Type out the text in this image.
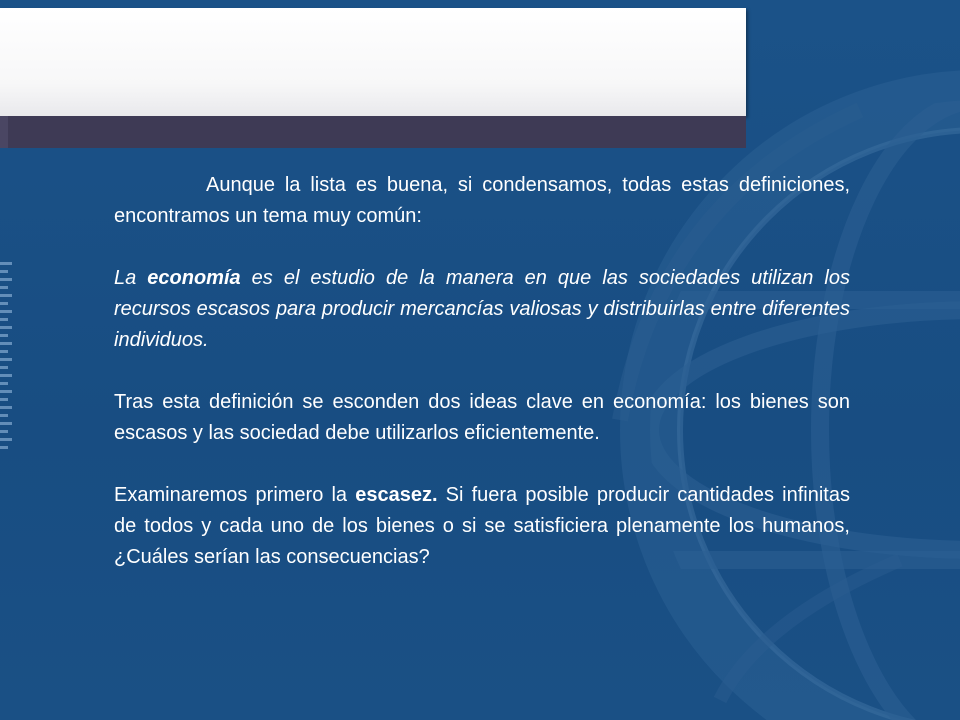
Aunque la lista es buena, si condensamos, todas estas definiciones, encontramos un tema muy común:

La economía es el estudio de la manera en que las sociedades utilizan los recursos escasos para producir mercancías valiosas y distribuirlas entre diferentes individuos.

Tras esta definición se esconden dos ideas clave en economía: los bienes son escasos y las sociedad debe utilizarlos eficientemente.

Examinaremos primero la escasez. Si fuera posible producir cantidades infinitas de todos y cada uno de los bienes o si se satisficiera plenamente los humanos, ¿Cuáles serían las consecuencias?
